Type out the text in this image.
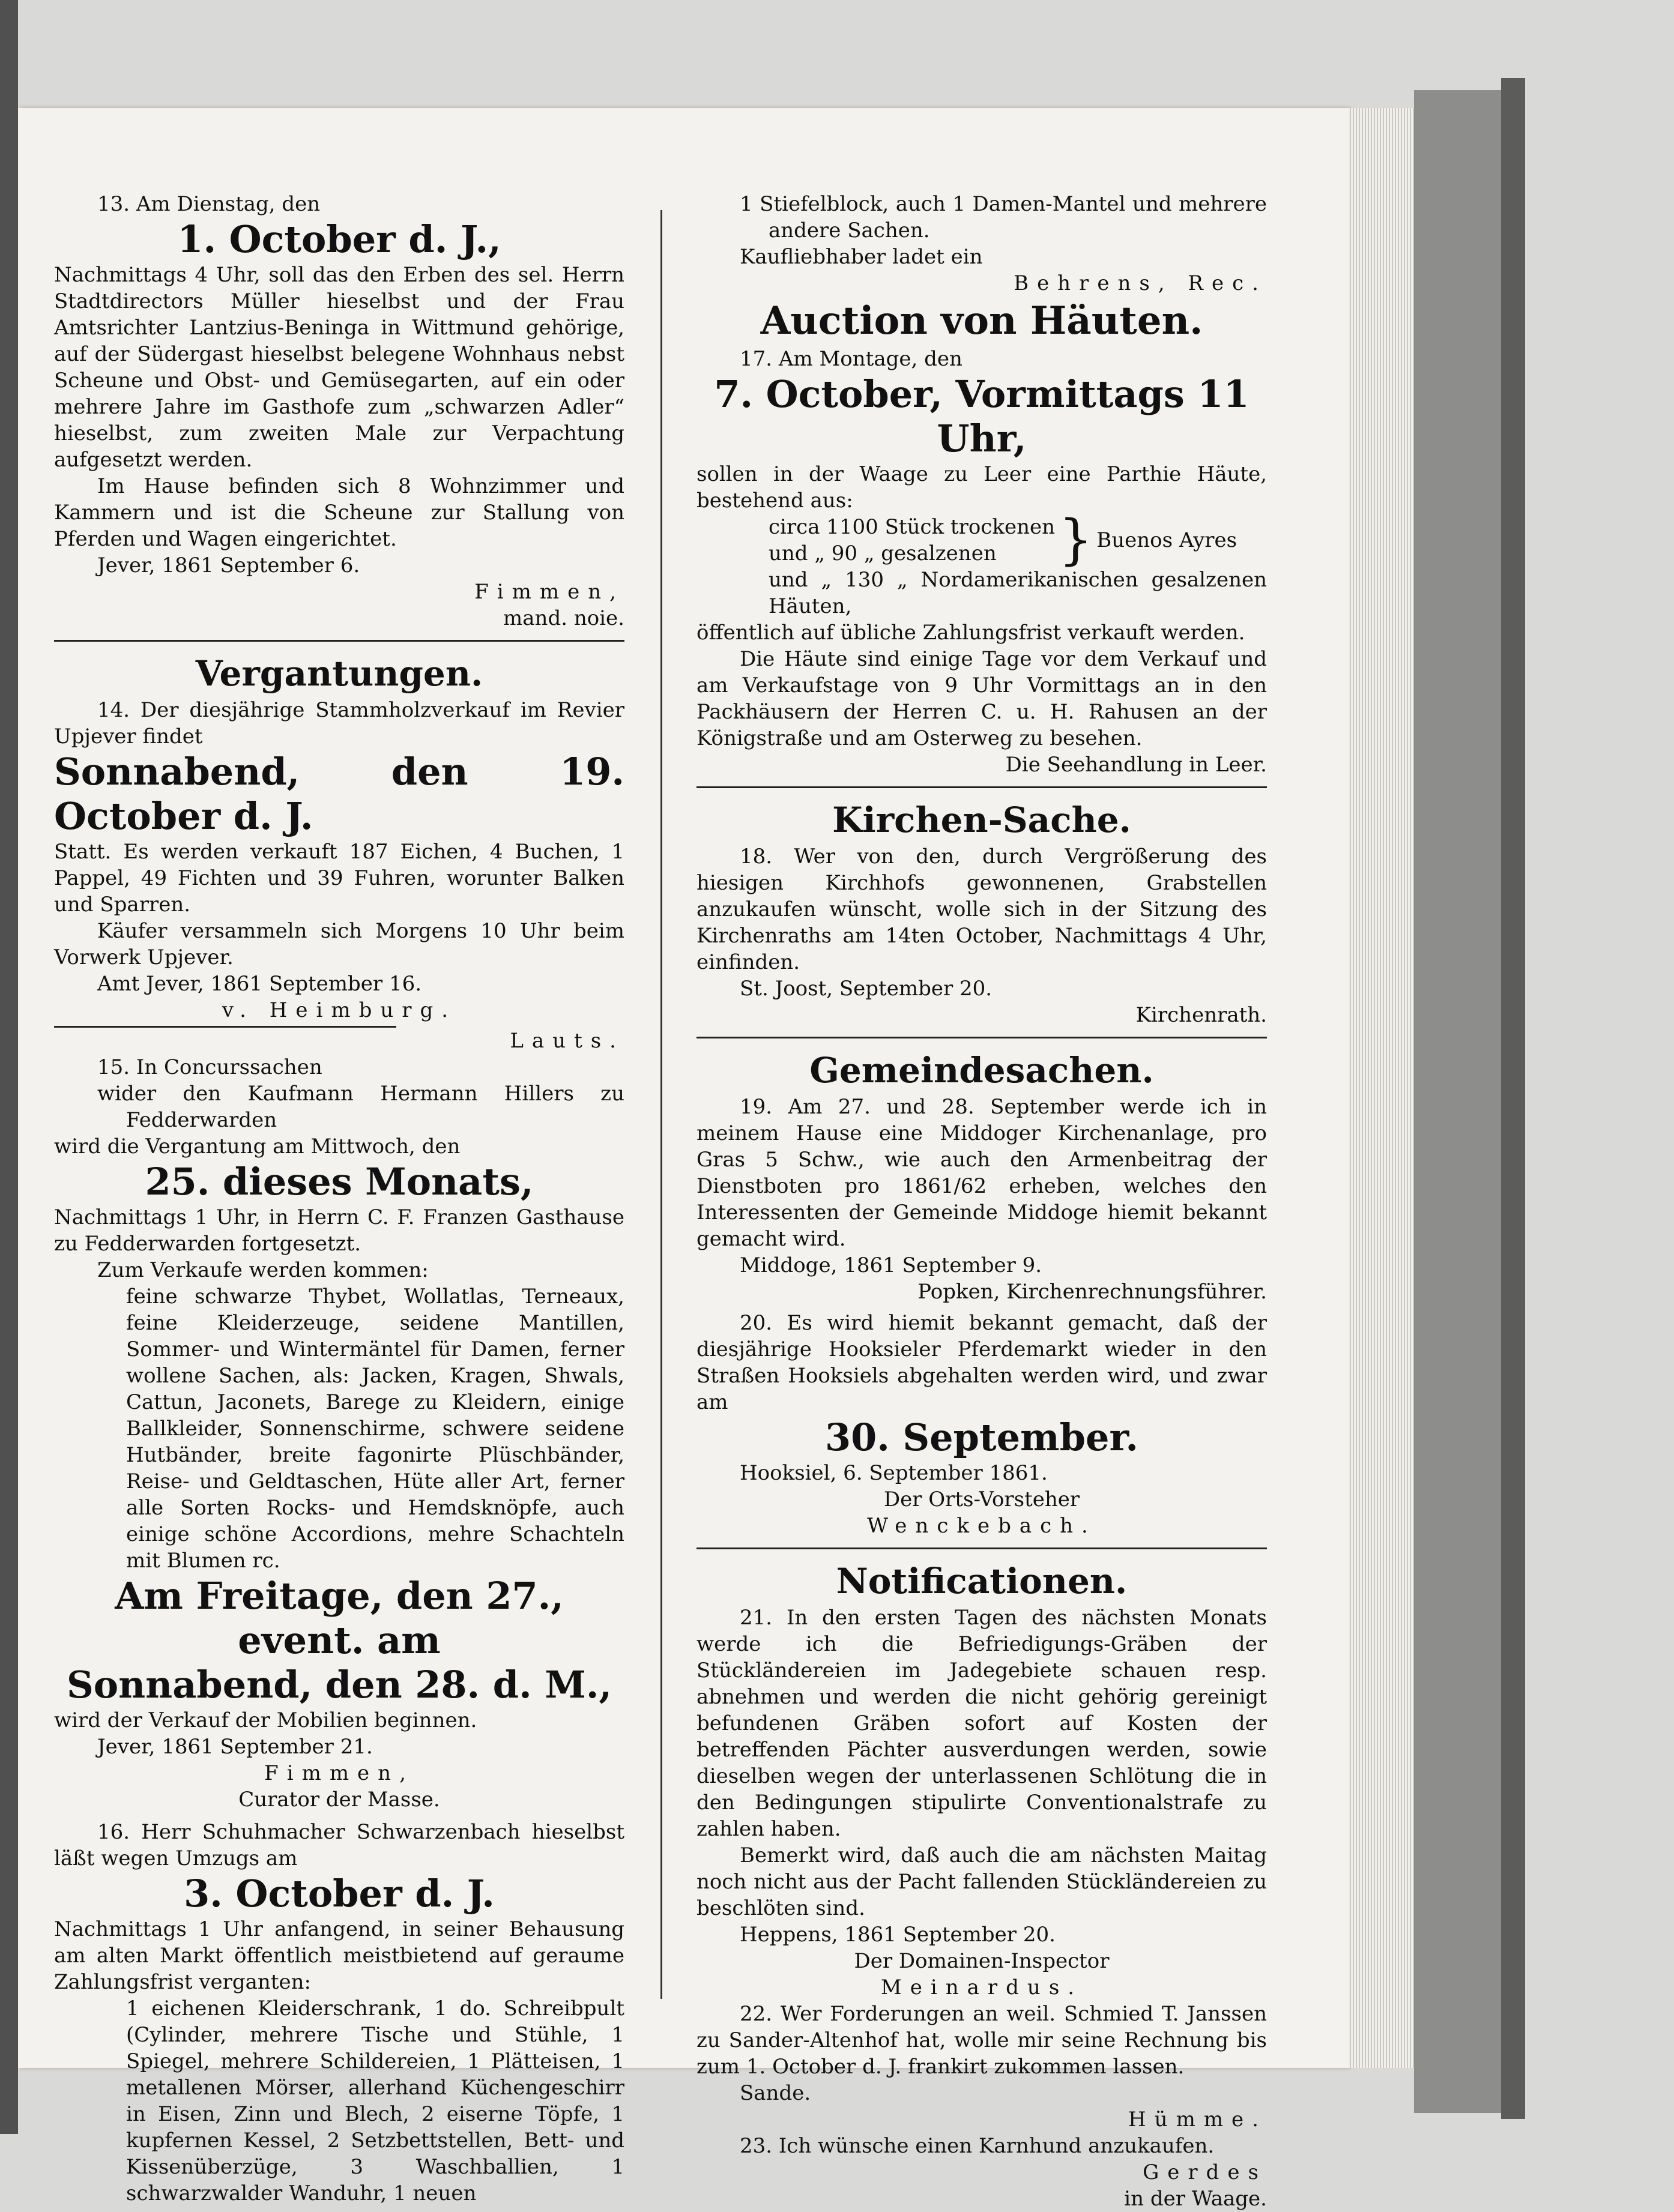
13. Am Dienstag, den

1. October d. J.,

Nachmittags 4 Uhr, soll das den Erben des sel. Herrn Stadtdirectors Müller hieselbst und der Frau Amtsrichter Lantzius-Beninga in Wittmund gehörige, auf der Südergast hieselbst belegene Wohnhaus nebst Scheune und Obst- und Gemüsegarten, auf ein oder mehrere Jahre im Gasthofe zum „schwarzen Adler“ hieselbst, zum zweiten Male zur Verpachtung aufgesetzt werden.

Im Hause befinden sich 8 Wohnzimmer und Kammern und ist die Scheune zur Stallung von Pferden und Wagen eingerichtet.

Jever, 1861 September 6.

Fimmen,

mand. noie.

Vergantungen.

14. Der diesjährige Stammholzverkauf im Revier Upjever findet

Sonnabend, den 19. October d. J.

Statt. Es werden verkauft 187 Eichen, 4 Buchen, 1 Pappel, 49 Fichten und 39 Fuhren, worunter Balken und Sparren.

Käufer versammeln sich Morgens 10 Uhr beim Vorwerk Upjever.

Amt Jever, 1861 September 16.

v. Heimburg.

Lauts.

15. In Concurssachen

wider den Kaufmann Hermann Hillers zu Fedderwarden

wird die Vergantung am Mittwoch, den

25. dieses Monats,

Nachmittags 1 Uhr, in Herrn C. F. Franzen Gasthause zu Fedderwarden fortgesetzt.

Zum Verkaufe werden kommen:

feine schwarze Thybet, Wollatlas, Terneaux, feine Kleiderzeuge, seidene Mantillen, Sommer- und Wintermäntel für Damen, ferner wollene Sachen, als: Jacken, Kragen, Shwals, Cattun, Jaconets, Barege zu Kleidern, einige Ballkleider, Sonnenschirme, schwere seidene Hutbänder, breite fagonirte Plüschbänder, Reise- und Geldtaschen, Hüte aller Art, ferner alle Sorten Rocks- und Hemdsknöpfe, auch einige schöne Accordions, mehre Schachteln mit Blumen rc.

Am Freitage, den 27., event. am

Sonnabend, den 28. d. M.,

wird der Verkauf der Mobilien beginnen.

Jever, 1861 September 21.

Fimmen,

Curator der Masse.

16. Herr Schuhmacher Schwarzenbach hieselbst läßt wegen Umzugs am

3. October d. J.

Nachmittags 1 Uhr anfangend, in seiner Behausung am alten Markt öffentlich meistbietend auf geraume Zahlungsfrist verganten:

1 eichenen Kleiderschrank, 1 do. Schreibpult (Cylinder, mehrere Tische und Stühle, 1 Spiegel, mehrere Schildereien, 1 Plätteisen, 1 metallenen Mörser, allerhand Küchengeschirr in Eisen, Zinn und Blech, 2 eiserne Töpfe, 1 kupfernen Kessel, 2 Setzbettstellen, Bett- und Kissenüberzüge, 3 Waschballien, 1 schwarzwalder Wanduhr, 1 neuen

1 Stiefelblock, auch 1 Damen-Mantel und mehrere andere Sachen.

Kaufliebhaber ladet ein

Behrens, Rec.

Auction von Häuten.

17. Am Montage, den

7. October, Vormittags 11 Uhr,

sollen in der Waage zu Leer eine Parthie Häute, bestehend aus:

circa 1100 Stück trockenen

und „ 90 „ gesalzenen	} Buenos Ayres

und „ 130 „ Nordamerikanischen gesalzenen Häuten,

öffentlich auf übliche Zahlungsfrist verkauft werden.

Die Häute sind einige Tage vor dem Verkauf und am Verkaufstage von 9 Uhr Vormittags an in den Packhäusern der Herren C. u. H. Rahusen an der Königstraße und am Osterweg zu besehen.

Die Seehandlung in Leer.

Kirchen-Sache.

18. Wer von den, durch Vergrößerung des hiesigen Kirchhofs gewonnenen, Grabstellen anzukaufen wünscht, wolle sich in der Sitzung des Kirchenraths am 14ten October, Nachmittags 4 Uhr, einfinden.

St. Joost, September 20.

Kirchenrath.

Gemeindesachen.

19. Am 27. und 28. September werde ich in meinem Hause eine Middoger Kirchenanlage, pro Gras 5 Schw., wie auch den Armenbeitrag der Dienstboten pro 1861/62 erheben, welches den Interessenten der Gemeinde Middoge hiemit bekannt gemacht wird.

Middoge, 1861 September 9.

Popken, Kirchenrechnungsführer.

20. Es wird hiemit bekannt gemacht, daß der diesjährige Hooksieler Pferdemarkt wieder in den Straßen Hooksiels abgehalten werden wird, und zwar am

30. September.

Hooksiel, 6. September 1861.

Der Orts-Vorsteher

Wenckebach.

Notificationen.

21. In den ersten Tagen des nächsten Monats werde ich die Befriedigungs-Gräben der Stückländereien im Jadegebiete schauen resp. abnehmen und werden die nicht gehörig gereinigt befundenen Gräben sofort auf Kosten der betreffenden Pächter ausverdungen werden, sowie dieselben wegen der unterlassenen Schlötung die in den Bedingungen stipulirte Conventionalstrafe zu zahlen haben.

Bemerkt wird, daß auch die am nächsten Maitag noch nicht aus der Pacht fallenden Stückländereien zu beschlöten sind.

Heppens, 1861 September 20.

Der Domainen-Inspector

Meinardus.

22. Wer Forderungen an weil. Schmied T. Janssen zu Sander-Altenhof hat, wolle mir seine Rechnung bis zum 1. October d. J. frankirt zukommen lassen.

Sande.

Hümme.

23. Ich wünsche einen Karnhund anzukaufen.

Gerdes

in der Waage.
